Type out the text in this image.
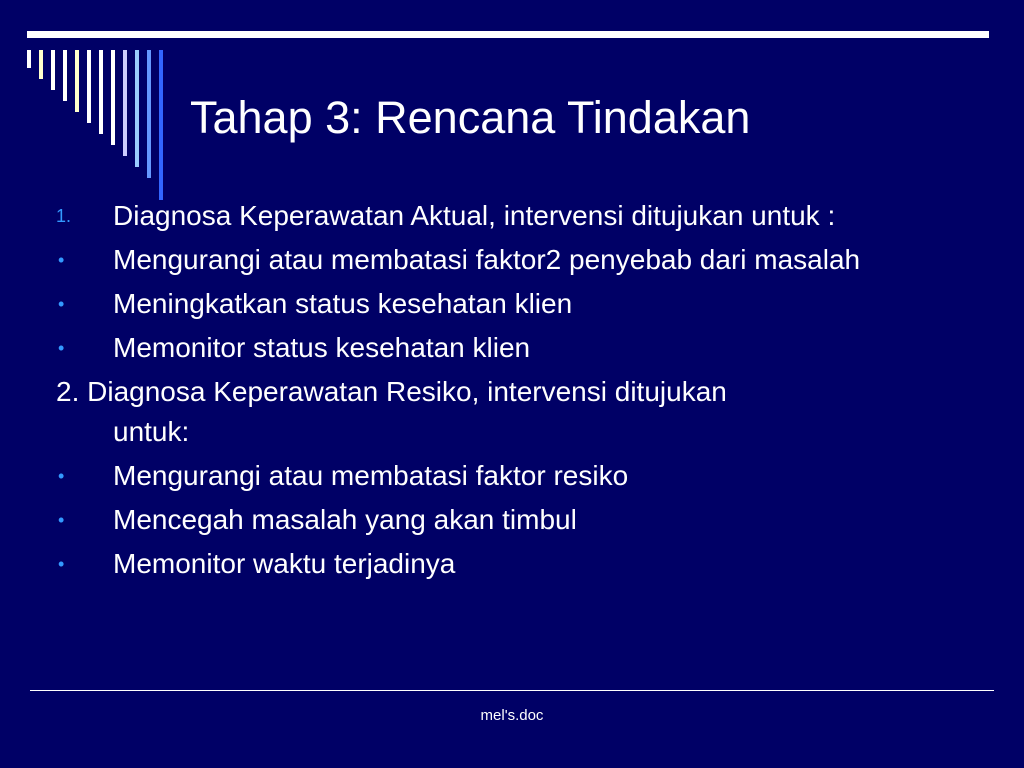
Tahap 3: Rencana Tindakan
1.	Diagnosa Keperawatan Aktual, intervensi ditujukan untuk :
•	Mengurangi atau membatasi faktor2 penyebab dari masalah
•	Meningkatkan status kesehatan klien
•	Memonitor status kesehatan klien
2. Diagnosa Keperawatan Resiko, intervensi ditujukan
untuk:
•	Mengurangi atau membatasi faktor resiko
•	Mencegah masalah yang akan timbul
•	Memonitor waktu terjadinya
mel's.doc
